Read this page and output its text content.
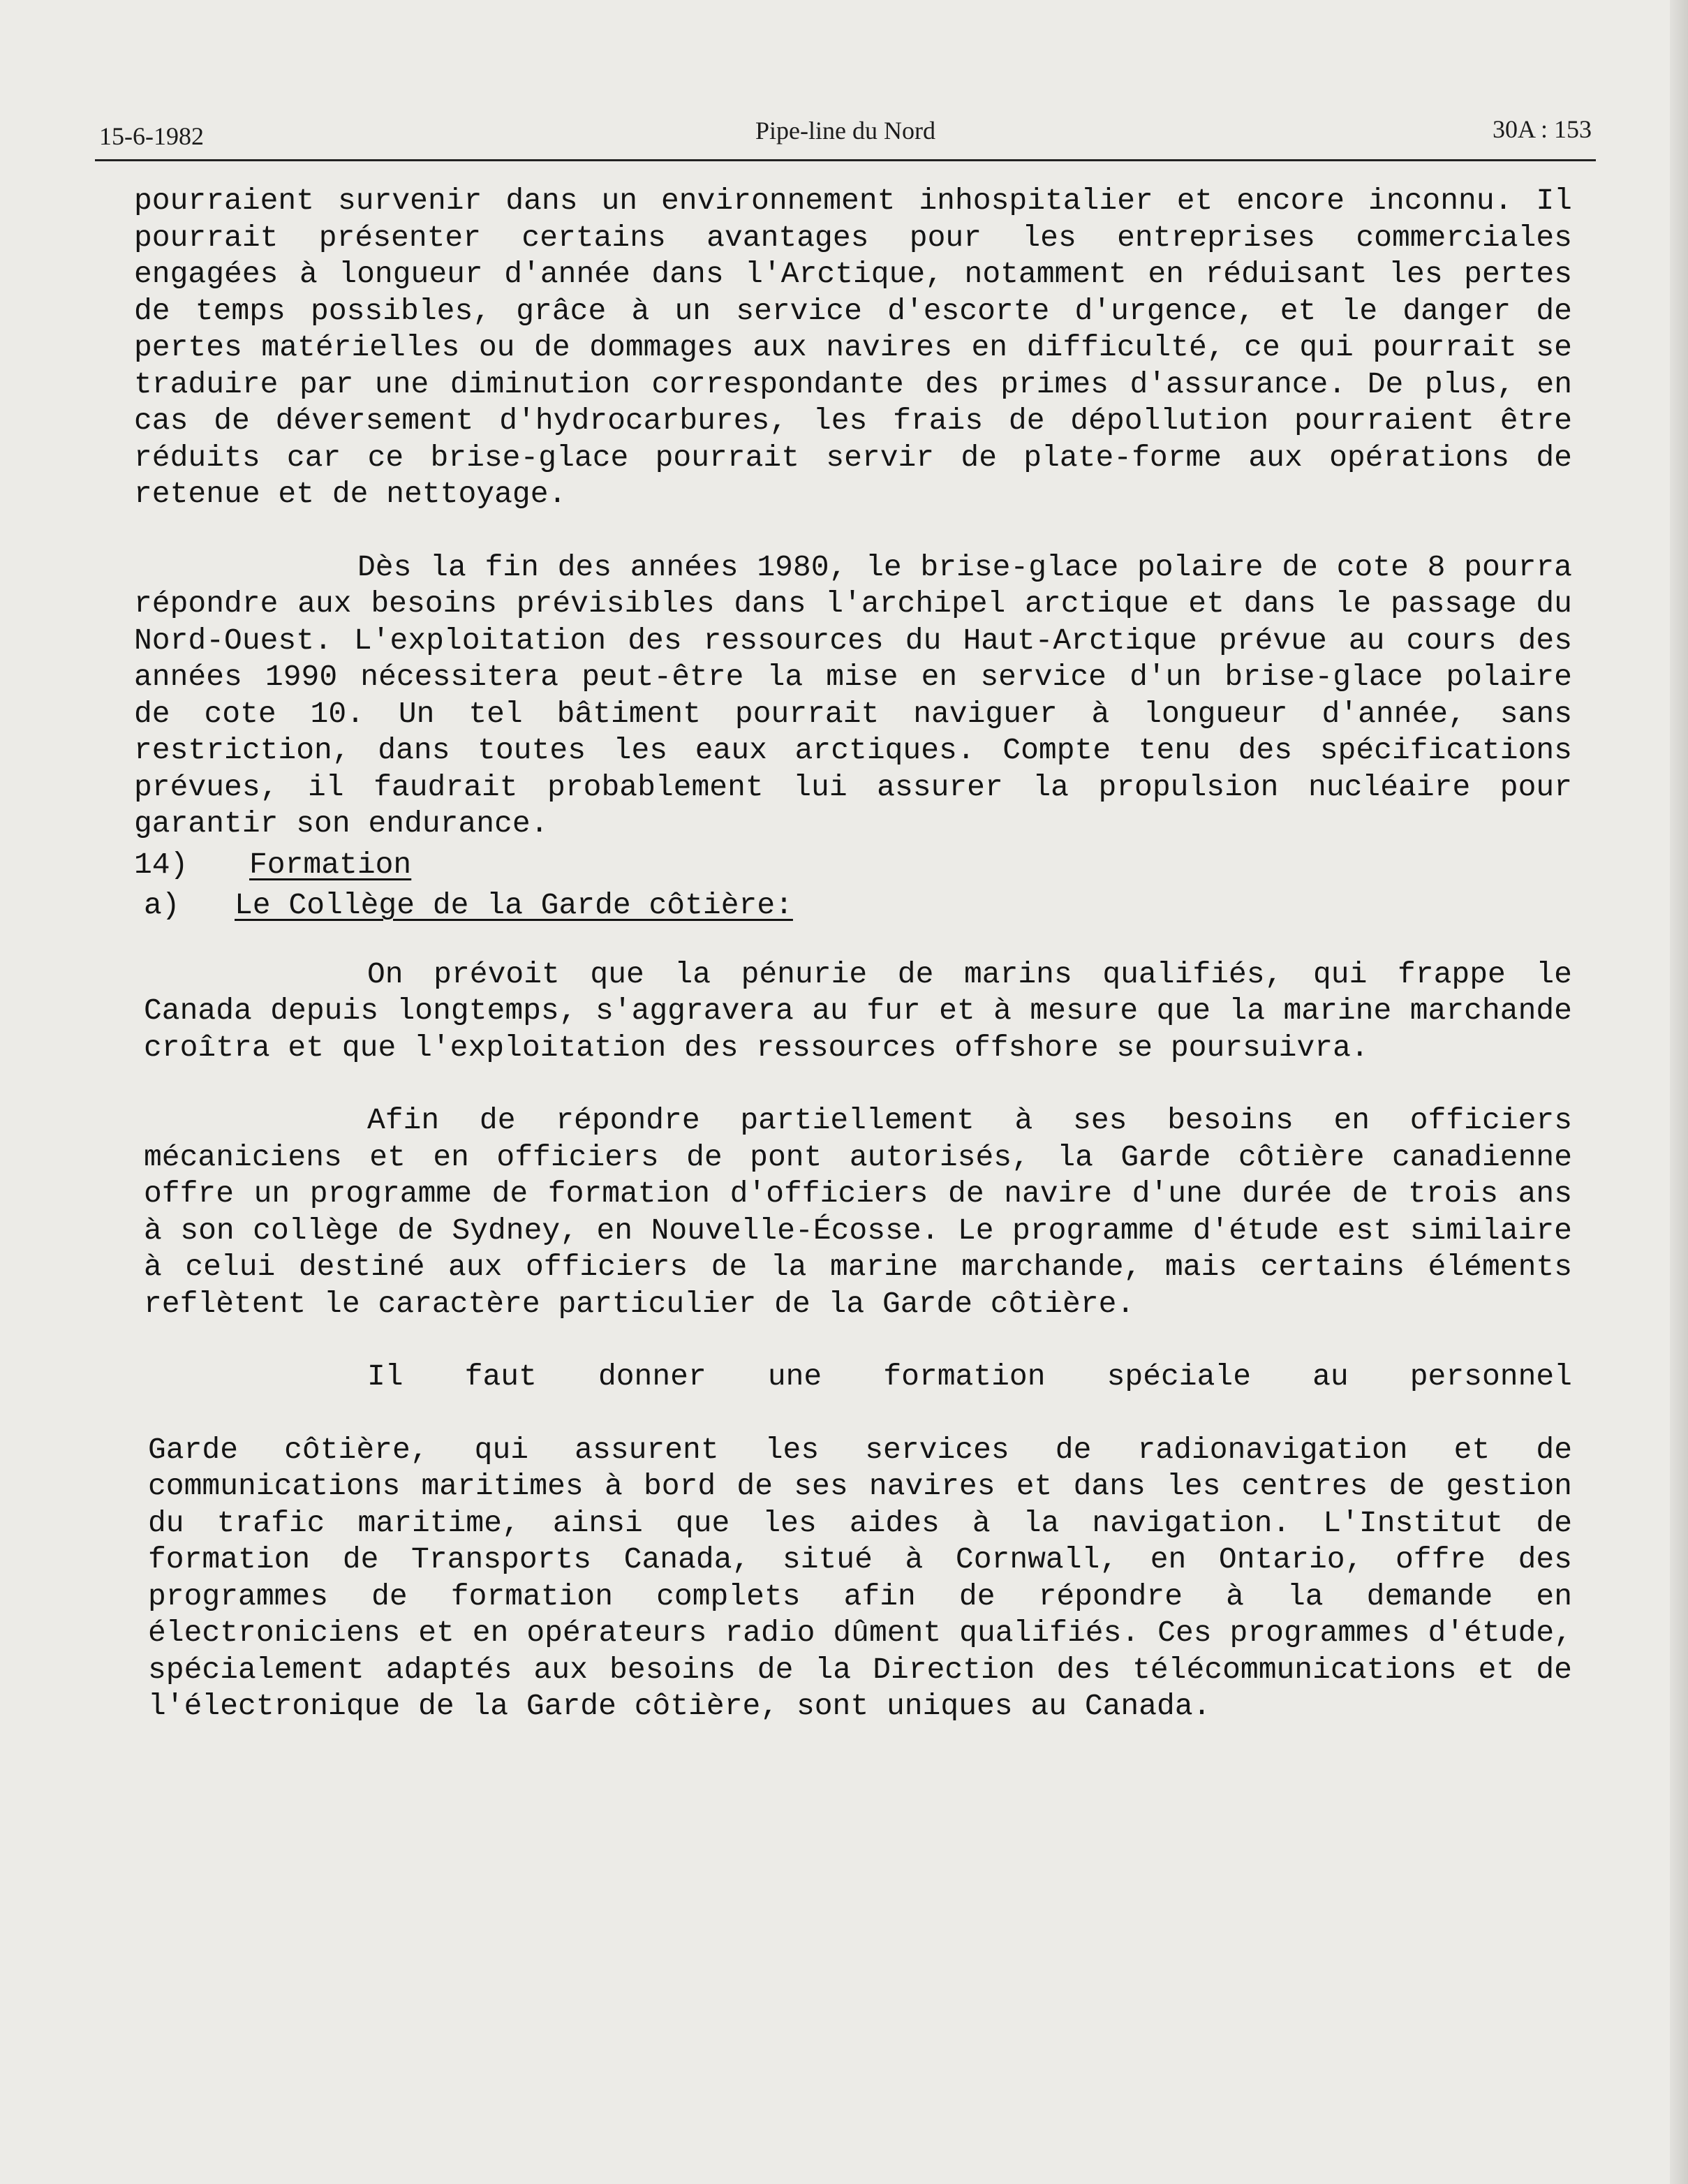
15-6-1982	Pipe-line du Nord	30A : 153

pourraient survenir dans un environnement inhospitalier et encore inconnu. Il pourrait présenter certains avantages pour les entreprises commerciales engagées à longueur d'année dans l'Arctique, notamment en réduisant les pertes de temps possibles, grâce à un service d'escorte d'urgence, et le danger de pertes matérielles ou de dommages aux navires en difficulté, ce qui pourrait se traduire par une diminution correspondante des primes d'assurance. De plus, en cas de déversement d'hydrocarbures, les frais de dépollution pourraient être réduits car ce brise-glace pourrait servir de plate-forme aux opérations de retenue et de nettoyage.

Dès la fin des années 1980, le brise-glace polaire de cote 8 pourra répondre aux besoins prévisibles dans l'archipel arctique et dans le passage du Nord-Ouest. L'exploitation des ressources du Haut-Arctique prévue au cours des années 1990 nécessitera peut-être la mise en service d'un brise-glace polaire de cote 10. Un tel bâtiment pourrait naviguer à longueur d'année, sans restriction, dans toutes les eaux arctiques. Compte tenu des spécifications prévues, il faudrait probablement lui assurer la propulsion nucléaire pour garantir son endurance.

14) Formation

a) Le Collège de la Garde côtière:

On prévoit que la pénurie de marins qualifiés, qui frappe le Canada depuis longtemps, s'aggravera au fur et à mesure que la marine marchande croîtra et que l'exploitation des ressources offshore se poursuivra.

Afin de répondre partiellement à ses besoins en officiers mécaniciens et en officiers de pont autorisés, la Garde côtière canadienne offre un programme de formation d'officiers de navire d'une durée de trois ans à son collège de Sydney, en Nouvelle-Écosse. Le programme d'étude est similaire à celui destiné aux officiers de la marine marchande, mais certains éléments reflètent le caractère particulier de la Garde côtière.

Il faut donner une formation spéciale au personnel

Garde côtière, qui assurent les services de radionavigation et de communications maritimes à bord de ses navires et dans les centres de gestion du trafic maritime, ainsi que les aides à la navigation. L'Institut de formation de Transports Canada, situé à Cornwall, en Ontario, offre des programmes de formation complets afin de répondre à la demande en électroniciens et en opérateurs radio dûment qualifiés. Ces programmes d'étude, spécialement adaptés aux besoins de la Direction des télécommunications et de l'électronique de la Garde côtière, sont uniques au Canada.
